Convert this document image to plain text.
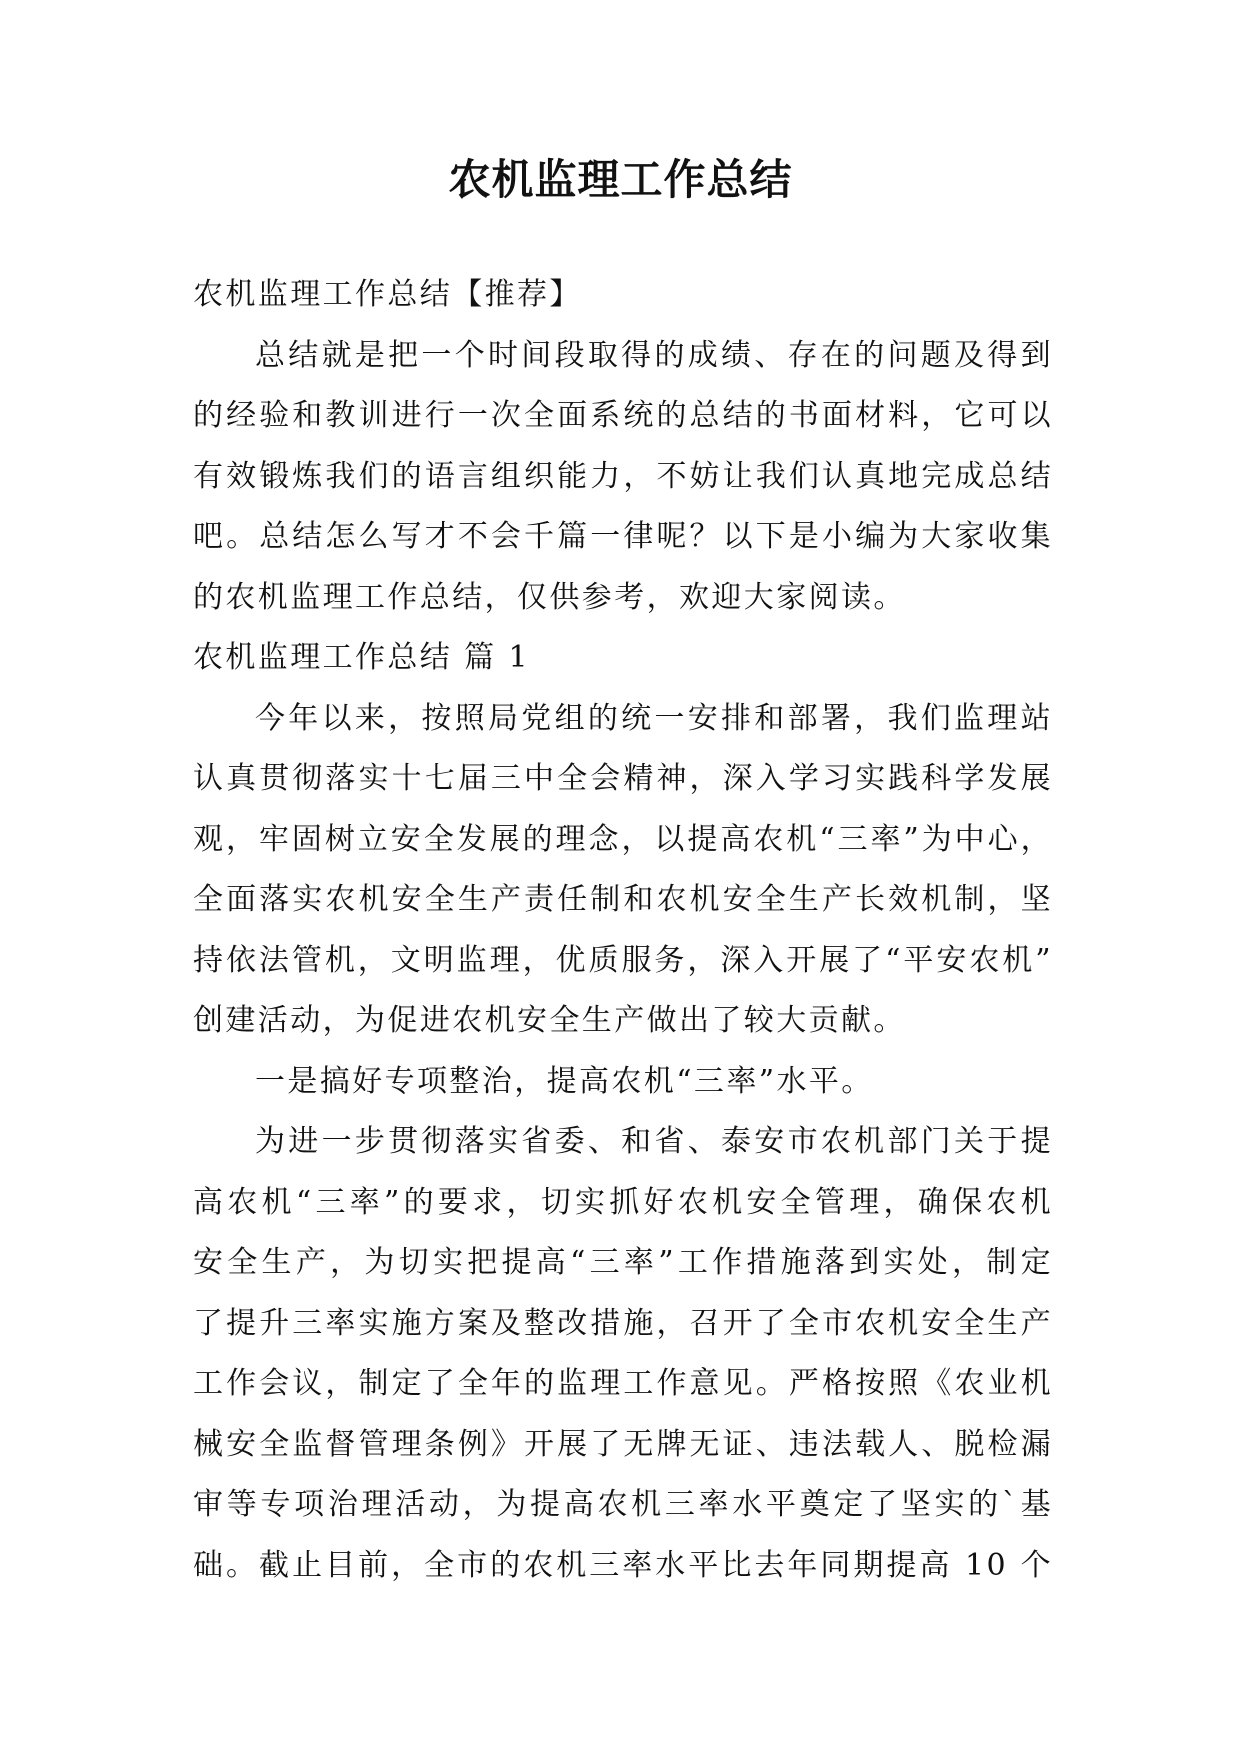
农机监理工作总结
农机监理工作总结【推荐】
总结就是把一个时间段取得的成绩、存在的问题及得到
的经验和教训进行一次全面系统的总结的书面材料，它可以
有效锻炼我们的语言组织能力，不妨让我们认真地完成总结
吧。总结怎么写才不会千篇一律呢？以下是小编为大家收集
的农机监理工作总结，仅供参考，欢迎大家阅读。
农机监理工作总结 篇 1
今年以来，按照局党组的统一安排和部署，我们监理站
认真贯彻落实十七届三中全会精神，深入学习实践科学发展
观，牢固树立安全发展的理念，以提高农机“三率”为中心，
全面落实农机安全生产责任制和农机安全生产长效机制，坚
持依法管机，文明监理，优质服务，深入开展了“平安农机”
创建活动，为促进农机安全生产做出了较大贡献。
一是搞好专项整治，提高农机“三率”水平。
为进一步贯彻落实省委、和省、泰安市农机部门关于提
高农机“三率”的要求，切实抓好农机安全管理，确保农机
安全生产，为切实把提高“三率”工作措施落到实处，制定
了提升三率实施方案及整改措施，召开了全市农机安全生产
工作会议，制定了全年的监理工作意见。严格按照《农业机
械安全监督管理条例》开展了无牌无证、违法载人、脱检漏
审等专项治理活动，为提高农机三率水平奠定了坚实的`基
础。截止目前，全市的农机三率水平比去年同期提高 10 个
